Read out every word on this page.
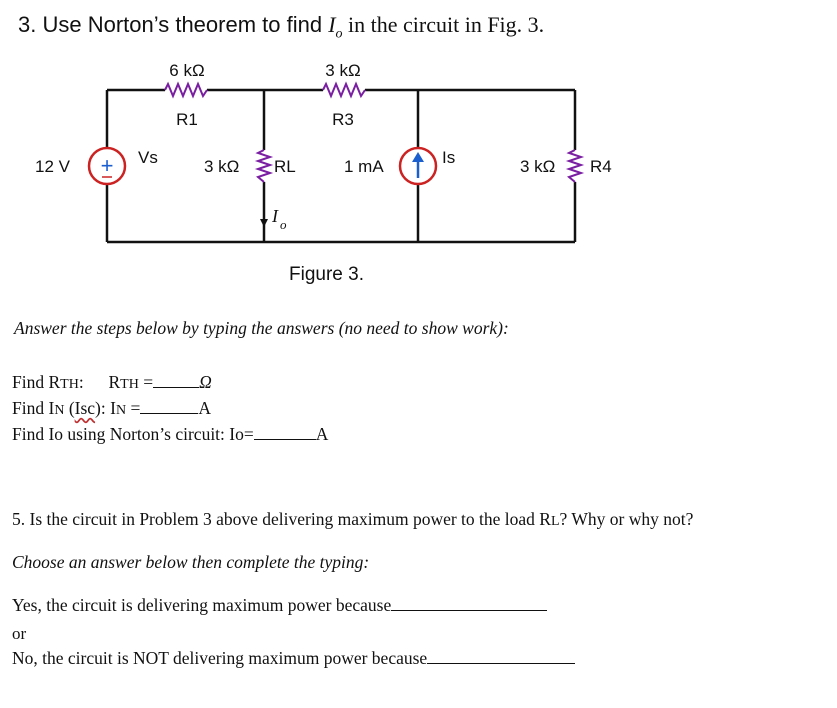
3. Use Norton’s theorem to find $I_o$ in the circuit in Fig. 3.
+
6 kΩ
R1
3 kΩ
R3
12 V	Vs	3 kΩ RL	1 mA	Is	3 kΩ R4
I o
Figure 3.
Answer the steps below by typing the answers (no need to show work):
Find RTH: RTH =	Ω
Find IN (Isc): IN =	A
Find Io using Norton’s circuit: Io=	A
5. Is the circuit in Problem 3 above delivering maximum power to the load RL? Why or why not?
Choose an answer below then complete the typing:
Yes, the circuit is delivering maximum power because
or
No, the circuit is NOT delivering maximum power because
